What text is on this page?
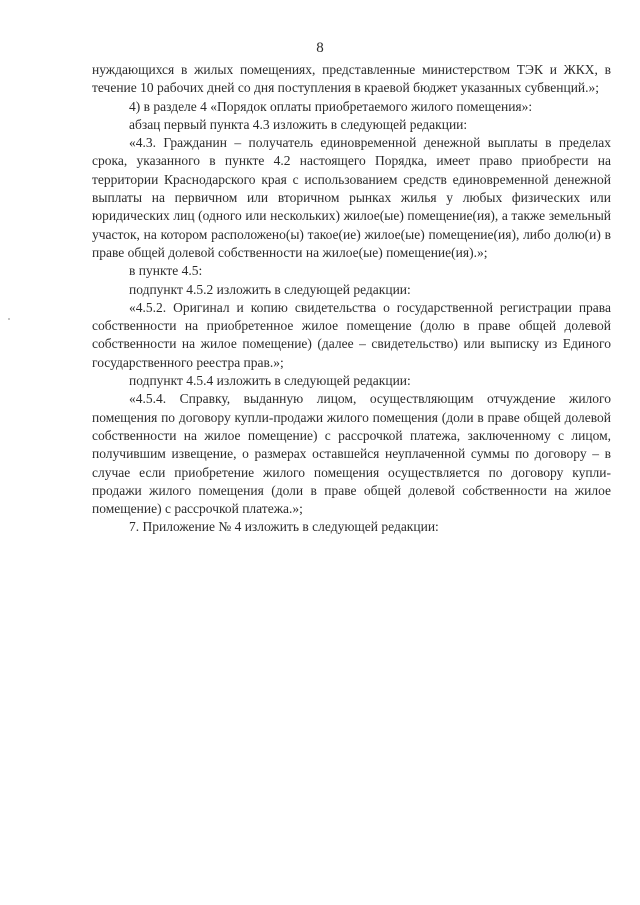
8

нуждающихся в жилых помещениях, представленные министерством ТЭК и ЖКХ, в течение 10 рабочих дней со дня поступления в краевой бюджет указанных субвенций.»;

4) в разделе 4 «Порядок оплаты приобретаемого жилого помещения»:

абзац первый пункта 4.3 изложить в следующей редакции:

«4.3. Гражданин – получатель единовременной денежной выплаты в пределах срока, указанного в пункте 4.2 настоящего Порядка, имеет право приобрести на территории Краснодарского края с использованием средств единовременной денежной выплаты на первичном или вторичном рынках жилья у любых физических или юридических лиц (одного или нескольких) жилое(ые) помещение(ия), а также земельный участок, на котором расположено(ы) такое(ие) жилое(ые) помещение(ия), либо долю(и) в праве общей долевой собственности на жилое(ые) помещение(ия).»;

в пункте 4.5:

подпункт 4.5.2 изложить в следующей редакции:

«4.5.2. Оригинал и копию свидетельства о государственной регистрации права собственности на приобретенное жилое помещение (долю в праве общей долевой собственности на жилое помещение) (далее – свидетельство) или выписку из Единого государственного реестра прав.»;

подпункт 4.5.4 изложить в следующей редакции:

«4.5.4. Справку, выданную лицом, осуществляющим отчуждение жилого помещения по договору купли-продажи жилого помещения (доли в праве общей долевой собственности на жилое помещение) с рассрочкой платежа, заключенному с лицом, получившим извещение, о размерах оставшейся неуплаченной суммы по договору – в случае если приобретение жилого помещения осуществляется по договору купли-продажи жилого помещения (доли в праве общей долевой собственности на жилое помещение) с рассрочкой платежа.»;

7. Приложение № 4 изложить в следующей редакции:
